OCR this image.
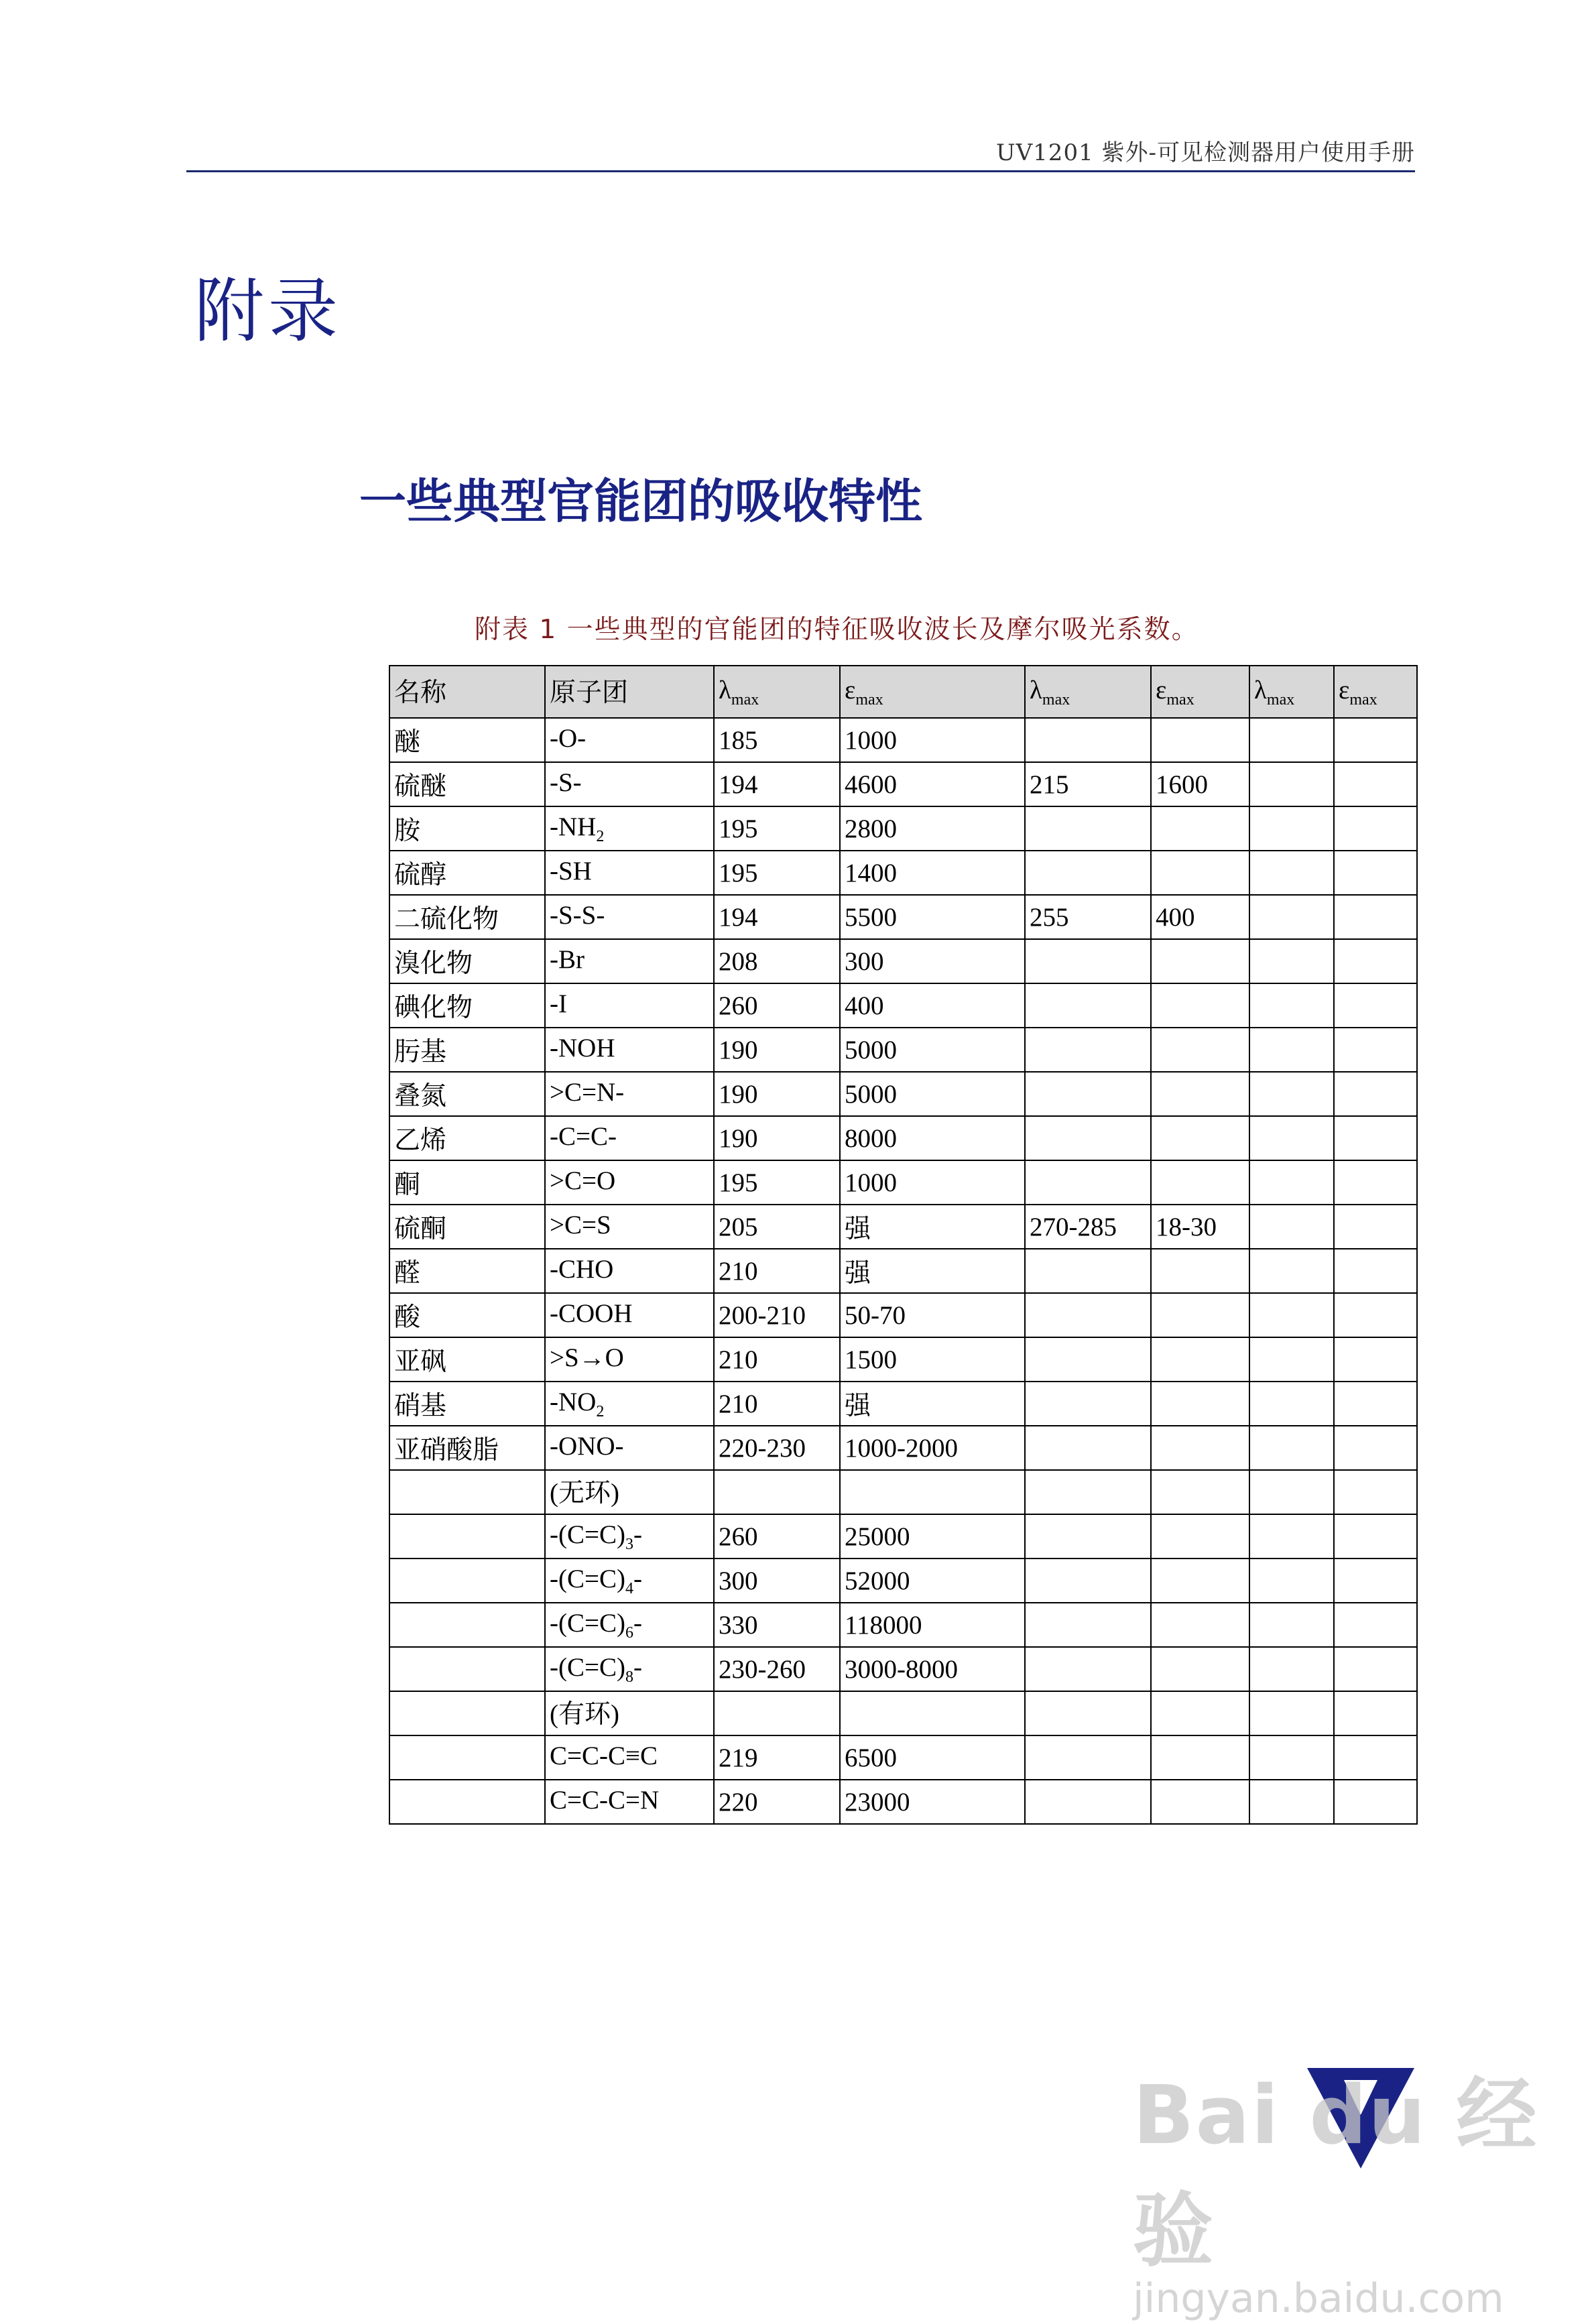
UV1201 紫外-可见检测器用户使用手册
附录
一些典型官能团的吸收特性
附表 1 一些典型的官能团的特征吸收波长及摩尔吸光系数。
名称	原子团	$\lambda_{max}$	$\varepsilon_{max}$	$\lambda_{max}$	$\varepsilon_{max}$	$\lambda_{max}$	$\varepsilon_{max}$
醚	-O-	185	1000				
硫醚	-S-	194	4600	215	1600		
胺	$-NH_2$	195	2800				
硫醇	-SH	195	1400				
二硫化物	-S-S-	194	5500	255	400		
溴化物	-Br	208	300				
碘化物	-I	260	400				
肟基	-NOH	190	5000				
叠氮	>C=N-	190	5000				
乙烯	-C=C-	190	8000				
酮	>C=O	195	1000				
硫酮	>C=S	205	强	270-285	18-30		
醛	-CHO	210	强				
酸	-COOH	200-210	50-70				
亚砜	>S→O	210	1500				
硝基	$-NO_2$	210	强				
亚硝酸脂	-ONO-	220-230	1000-2000				
	(无环)						
	$-(C=C)_3-$	260	25000				
	$-(C=C)_4-$	300	52000				
	$-(C=C)_6-$	330	118000				
	$-(C=C)_8-$	230-260	3000-8000				
	(有环)						
	C=C-C≡C	219	6500				
	C=C-C=N	220	23000				
Bai du 经验
jingyan.baidu.com
